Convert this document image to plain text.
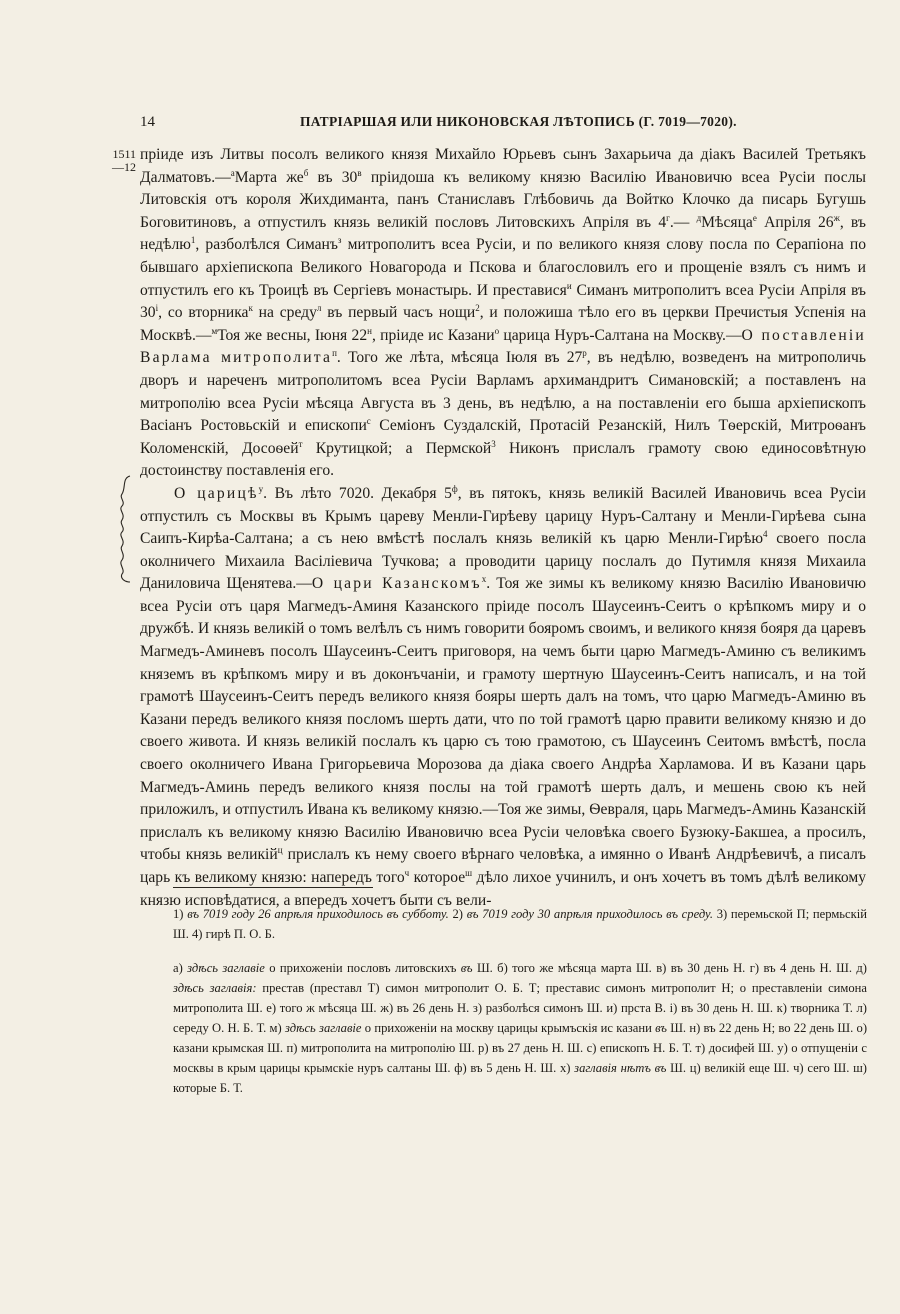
14	ПАТРІАРШАЯ ИЛИ НИКОНОВСКАЯ ЛѢТОПИСЬ (Г. 7019—7020).
1511
—12

пріиде изъ Литвы посолъ великого князя Михайло Юрьевъ сынъ Захарьича да діакъ Василей Третьякъ Далматовъ.—$^а$Марта $же^б$ въ $30^в$ пріидоша къ великому князю Василію Ивановичю всеа Русіи послы Литовскія отъ короля Жихдиманта, панъ Станиславъ Глѣбовичь да Войтко Клочко да писарь Бугушь Боговитиновъ, а отпустилъ князь великій пословъ Литовскихъ Апрiля въ $4^г.—$ $^д$Мѣсяца$^е$ Апрiля $26^ж$, въ недѣлю$^1$, разболѣлся Симанъ$^з$ митрополитъ всеа Русіи, и по великого князя слову посла по Серапіона по бывшаго архіепископа Великого Новагорода и Пскова и благословилъ его и прощеніе взялъ съ нимъ и отпустилъ его къ Троицѣ въ Сергіевъ монастырь. И преставися$^и$ Симанъ митрополитъ всеа Русіи Апрiля въ $30^і$, со вторника$^к$ на среду$^л$ въ первый часъ нощи$^2$, и положиша тѣло его въ церкви Пречистыя Успенія на Москвѣ.—$^м$Тоя же весны, Іюня $22^н$, пріиде ис Казани$^о$ царица Нуръ-Салтана на Москву.—О поставленіи Варлама митрополита$^п$. Того же лѣта, мѣсяца Іюля въ $27^р$, въ недѣлю, возведенъ на митрополичь дворъ и нареченъ митрополитомъ всеа Русіи Варламъ архимандритъ Симановскій; а поставленъ на митрополію всеа Русіи мѣсяца Августа въ 3 день, въ недѣлю, а на поставленіи его быша архіепископъ Васіанъ Ростовьскій и епископи$^с$ Семіонъ Суздалскій, Протасій Резанскій, Нилъ Тѳерскій, Митроѳанъ Коломенскій, Досоѳей$^т$ Крутицкой; а Пермской$^3$ Никонъ прислалъ грамоту свою единосовѣтную достоинству поставленія его.

О царицѣ$^у$. Въ лѣто 7020. Декабря $5^ф$, въ пятокъ, князь великій Василей Ивановичь всеа Русіи отпустилъ съ Москвы въ Крымъ цареву Менли-Гирѣеву царицу Нуръ-Салтану и Менли-Гирѣева сына Саипъ-Кирѣа-Салтана; а съ нею вмѣстѣ послалъ князь великій къ царю Менли-Гирѣю$^4$ своего посла околничего Михаила Васiлiевича Тучкова; а проводити царицу послалъ до Путимля князя Михаила Даниловича Щенятева.—О цари Казанскомъ$^х$. Тоя же зимы къ великому князю Василію Ивановичю всеа Русіи отъ царя Магмедъ-Аминя Казанского пріиде посолъ Шаусеинъ-Сеитъ о крѣпкомъ миру и о дружбѣ. И князь великій о томъ велѣлъ съ нимъ говорити бояромъ своимъ, и великого князя бояря да царевъ Магмедъ-Аминевъ посолъ Шаусеинъ-Сеитъ приговоря, на чемъ быти царю Магмедъ-Аминю съ великимъ княземъ въ крѣпкомъ миру и въ доконъчаніи, и грамоту шертную Шаусеинъ-Сеитъ написалъ, и на той грамотѣ Шаусеинъ-Сеитъ передъ великого князя бояры шерть далъ на томъ, что царю Магмедъ-Аминю въ Казани передъ великого князя посломъ шерть дати, что по той грамотѣ царю правити великому князю и до своего живота. И князь великій послалъ къ царю съ тою грамотою, съ Шаусеинъ Сеитомъ вмѣстѣ, посла своего околничего Ивана Григорьевича Морозова да діака своего Андрѣа Харламова. И въ Казани царь Магмедъ-Аминь передъ великого князя послы на той грамотѣ шерть далъ, и мешень свою къ ней приложилъ, и отпустилъ Ивана къ великому князю.—Тоя же зимы, Ѳевраля, царь Магмедъ-Аминь Казанскій прислалъ къ великому князю Василію Ивановичю всеа Русіи человѣка своего Бузюку-Бакшеа, а просилъ, чтобы князь великій$^ц$ прислалъ къ нему своего вѣрнаго человѣка, а имянно о Иванѣ Андрѣевичѣ, а писалъ царь къ великому князю: напередъ того$^ч$ которое$^ш$ дѣло лихое учинилъ, и онъ хочетъ въ томъ дѣлѣ великому князю исповѣдатися, а впередъ хочетъ быти съ вели-

1) въ 7019 году 26 апрѣля приходилось въ субботу. 2) въ 7019 году 30 апрѣля приходилось въ среду. 3) перемьской П; пермьскiй Ш. 4) гирѣ П. О. Б.

а) здѣсь заглавiе о прихоженiи пословъ литовскихъ въ Ш. б) того же мѣсяца марта Ш. в) въ 30 день Н. г) въ 4 день Н. Ш. д) здѣсь заглавiя: престав (преставл Т) симон митрополит О. Б. Т; преставис симонъ митрополит Н; о преставленiи симона митрополита Ш. е) того ж мѣсяца Ш. ж) въ 26 день Н. з) разболѣся симонъ Ш. и) прста В. і) въ 30 день Н. Ш. к) творника Т. л) середу О. Н. Б. Т. м) здѣсь заглавiе о прихоженiи на москву царицы крымъскія ис казани въ Ш. н) въ 22 день Н; во 22 день Ш. о) казани крымская Ш. п) митрополита на митрополiю Ш. р) въ 27 день Н. Ш. с) епископъ Н. Б. Т. т) досифей Ш. у) о отпущенiи с москвы в крым царицы крымскiе нуръ салтаны Ш. ф) въ 5 день Н. Ш. х) заглавiя нѣтъ въ Ш. ц) великiй еще Ш. ч) сего Ш. ш) которые Б. Т.
